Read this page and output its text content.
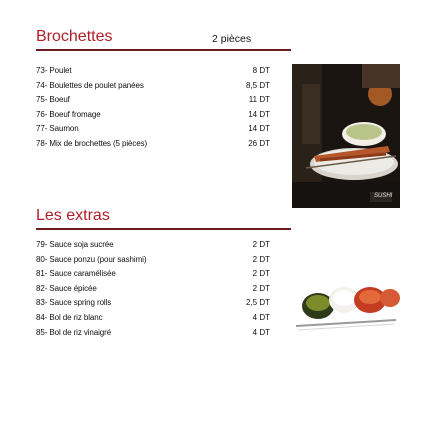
Brochettes	2 pièces
73- Poulet	8 DT
74- Boulettes de poulet panées	8,5 DT
75- Boeuf	11 DT
76- Boeuf fromage	14 DT
77- Saumon	14 DT
78- Mix de brochettes (5 pièces)	26 DT
SUSHI
Les extras
79- Sauce soja sucrée	2 DT
80- Sauce ponzu (pour sashimi)	2 DT
81- Sauce caramélisée	2 DT
82- Sauce épicée	2 DT
83- Sauce spring rolls	2,5 DT
84- Bol de riz blanc	4 DT
85- Bol de riz vinaigré	4 DT
